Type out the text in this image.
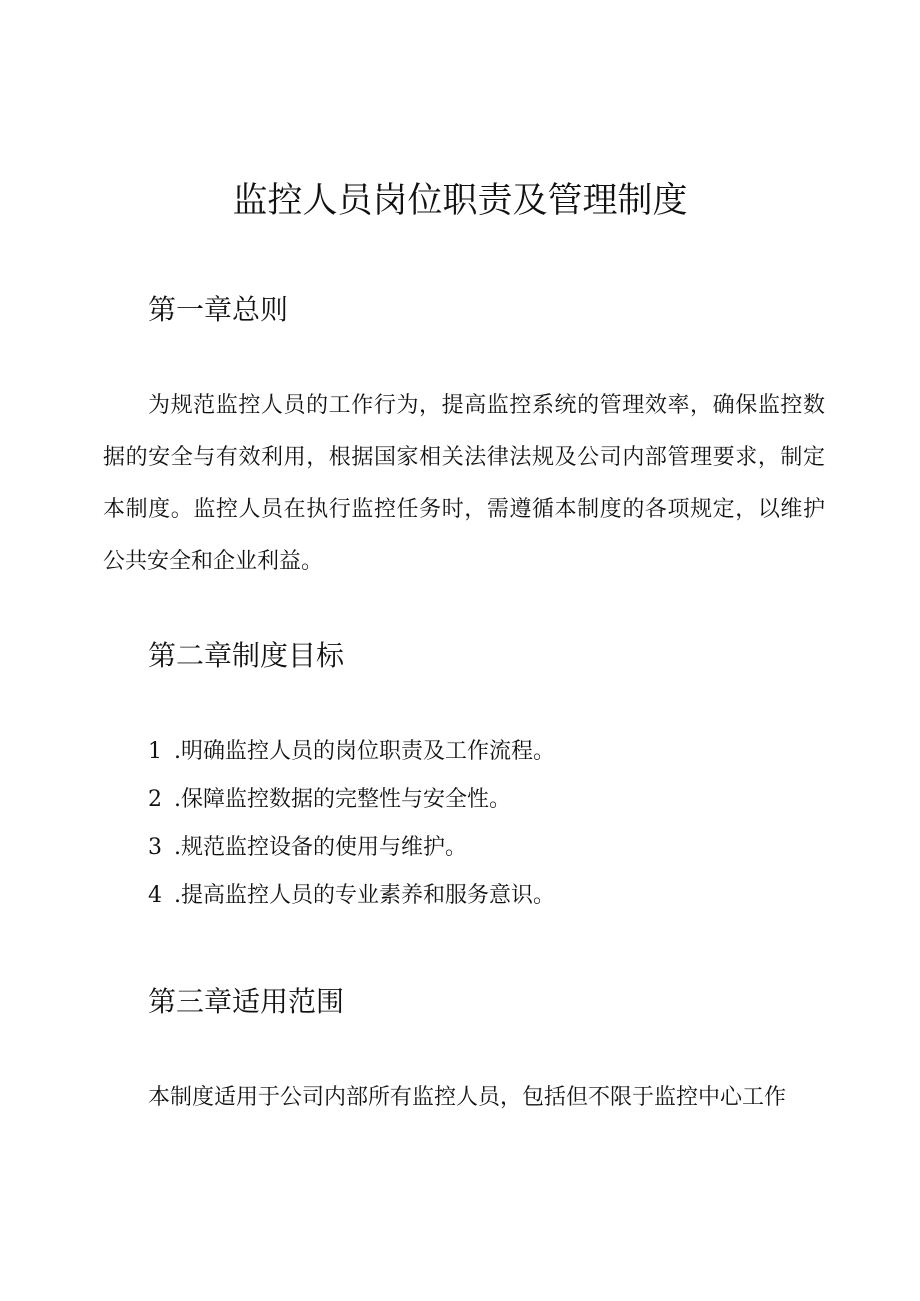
监控人员岗位职责及管理制度
第一章总则

为规范监控人员的工作行为，提高监控系统的管理效率，确保监控数据的安全与有效利用，根据国家相关法律法规及公司内部管理要求，制定本制度。监控人员在执行监控任务时，需遵循本制度的各项规定，以维护公共安全和企业利益。

第二章制度目标
1 .明确监控人员的岗位职责及工作流程。
2 .保障监控数据的完整性与安全性。
3 .规范监控设备的使用与维护。
4 .提高监控人员的专业素养和服务意识。
第三章适用范围

本制度适用于公司内部所有监控人员，包括但不限于监控中心工作
